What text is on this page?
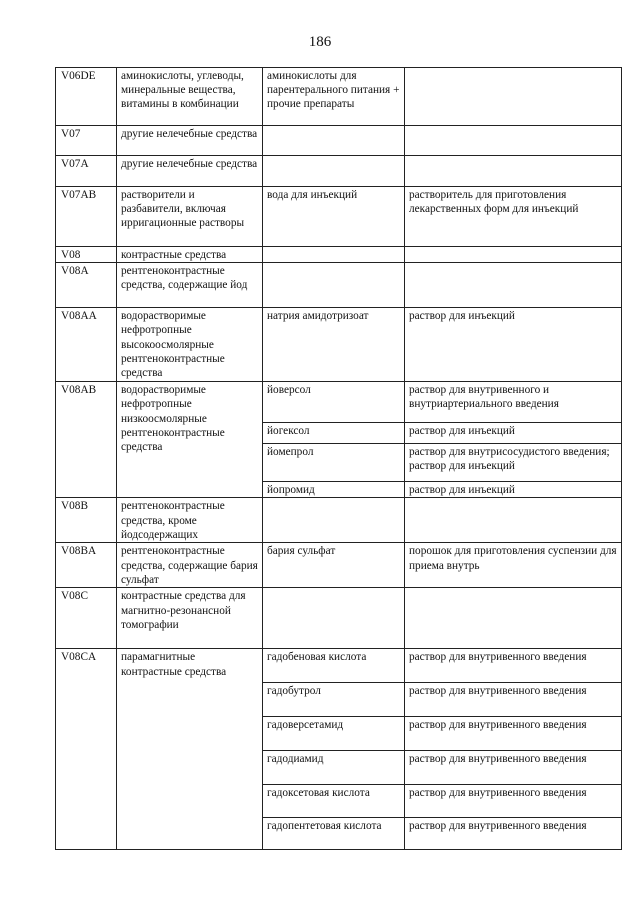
186
V06DE	аминокислоты, углеводы, минеральные вещества, витамины в комбинации	аминокислоты для парентерального питания + прочие препараты	
V07	другие нелечебные средства		
V07A	другие нелечебные средства		
V07AB	растворители и разбавители, включая ирригационные растворы	вода для инъекций	растворитель для приготовления лекарственных форм для инъекций
V08	контрастные средства		
V08A	рентгеноконтрастные средства, содержащие йод		
V08AA	водорастворимые нефротропные высокоосмолярные рентгеноконтрастные средства	натрия амидотризоат	раствор для инъекций
V08AB	водорастворимые нефротропные низкоосмолярные рентгеноконтрастные средства	йоверсол	раствор для внутривенного и внутриартериального введения
		йогексол	раствор для инъекций
		йомепрол	раствор для внутрисосудистого введения; раствор для инъекций
		йопромид	раствор для инъекций
V08B	рентгеноконтрастные средства, кроме йодсодержащих		
V08BA	рентгеноконтрастные средства, содержащие бария сульфат	бария сульфат	порошок для приготовления суспензии для приема внутрь
V08C	контрастные средства для магнитно-резонансной томографии		
V08CA	парамагнитные контрастные средства	гадобеновая кислота	раствор для внутривенного введения
		гадобутрол	раствор для внутривенного введения
		гадоверсетамид	раствор для внутривенного введения
		гадодиамид	раствор для внутривенного введения
		гадоксетовая кислота	раствор для внутривенного введения
		гадопентетовая кислота	раствор для внутривенного введения
